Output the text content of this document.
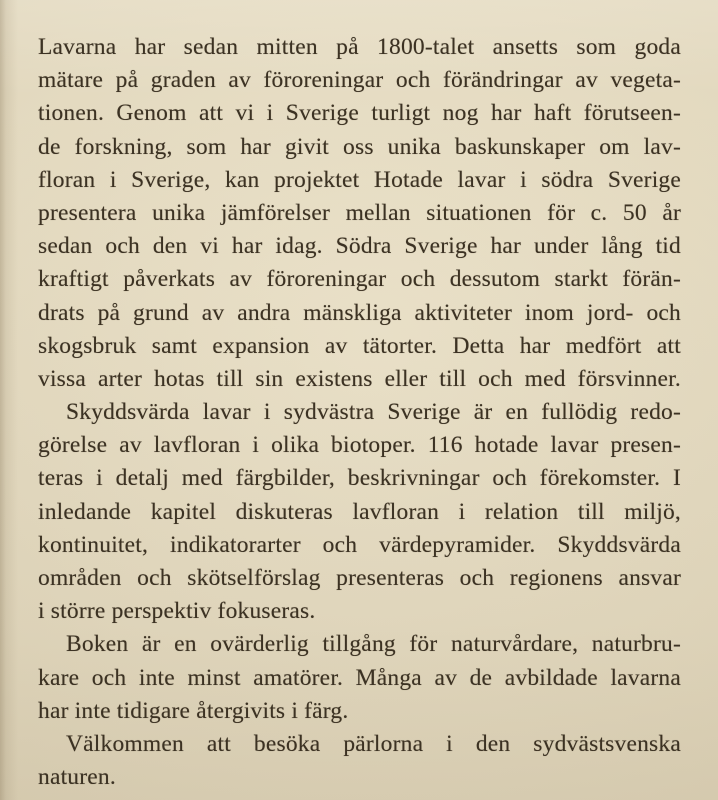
Lavarna har sedan mitten på 1800-talet ansetts som goda
mätare på graden av föroreningar och förändringar av vegeta-
tionen. Genom att vi i Sverige turligt nog har haft förutseen-
de forskning, som har givit oss unika baskunskaper om lav-
floran i Sverige, kan projektet Hotade lavar i södra Sverige
presentera unika jämförelser mellan situationen för c. 50 år
sedan och den vi har idag. Södra Sverige har under lång tid
kraftigt påverkats av föroreningar och dessutom starkt förän-
drats på grund av andra mänskliga aktiviteter inom jord- och
skogsbruk samt expansion av tätorter. Detta har medfört att
vissa arter hotas till sin existens eller till och med försvinner.

Skyddsvärda lavar i sydvästra Sverige är en fullödig redo-
görelse av lavfloran i olika biotoper. 116 hotade lavar presen-
teras i detalj med färgbilder, beskrivningar och förekomster. I
inledande kapitel diskuteras lavfloran i relation till miljö,
kontinuitet, indikatorarter och värdepyramider. Skyddsvärda
områden och skötselförslag presenteras och regionens ansvar
i större perspektiv fokuseras.

Boken är en ovärderlig tillgång för naturvårdare, naturbru-
kare och inte minst amatörer. Många av de avbildade lavarna
har inte tidigare återgivits i färg.

Välkommen att besöka pärlorna i den sydvästsvenska
naturen.
